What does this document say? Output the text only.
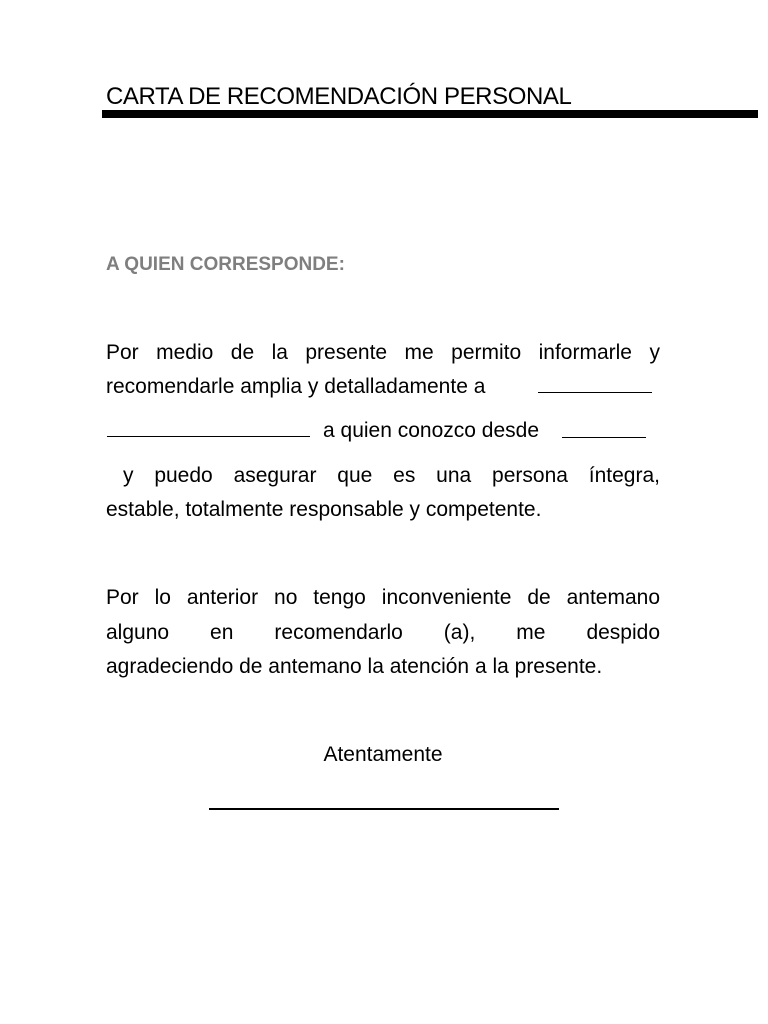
CARTA DE RECOMENDACIÓN PERSONAL
A QUIEN CORRESPONDE:
Por medio de la presente me permito informarle y
recomendarle amplia y detalladamente a
a quien conozco desde
y puedo asegurar que es una persona íntegra,
estable, totalmente responsable y competente.
Por lo anterior no tengo inconveniente de antemano
alguno en recomendarlo (a), me despido
agradeciendo de antemano la atención a la presente.
Atentamente
